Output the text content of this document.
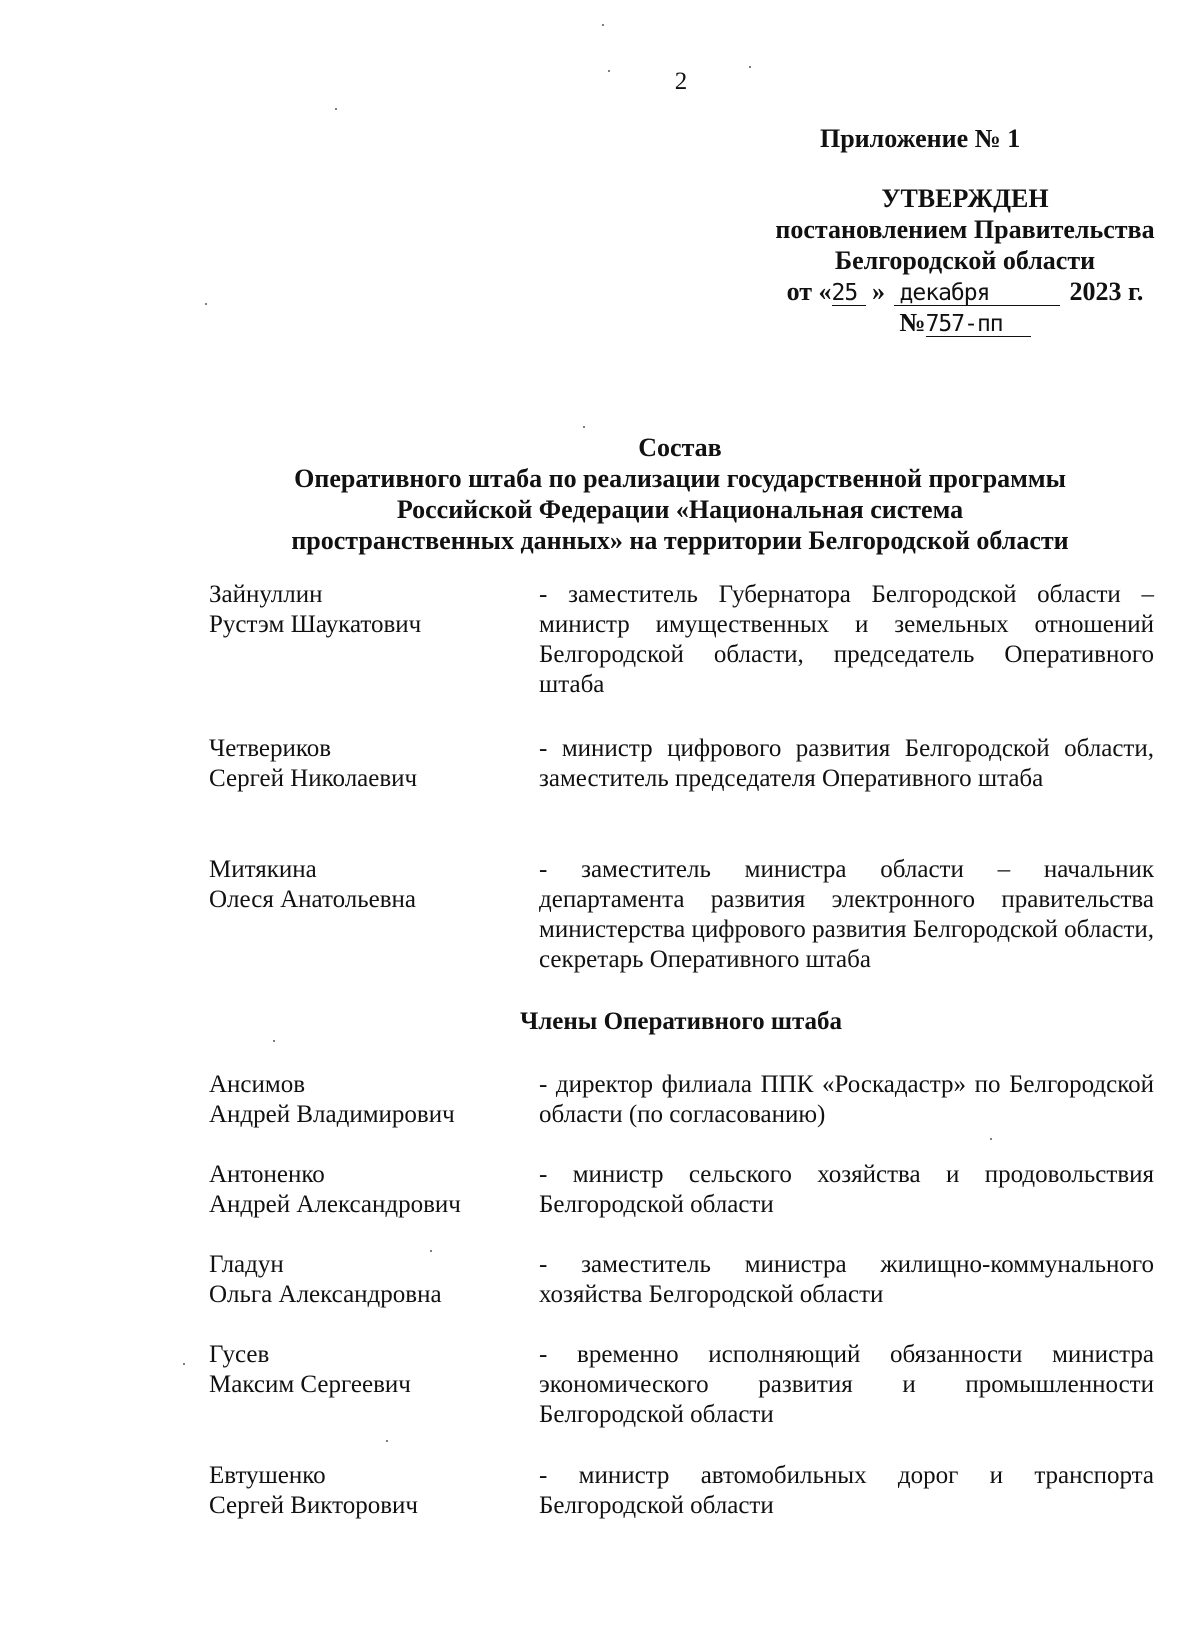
2
Приложение № 1
УТВЕРЖДЕН
постановлением Правительства
Белгородской области
от «25 » декабря	2023 г.
№757-пп
Состав
Оперативного штаба по реализации государственной программы
Российской Федерации «Национальная система
пространственных данных» на территории Белгородской области
Зайнуллин
Рустэм Шаукатович
- заместитель Губернатора Белгородской области – министр имущественных и земельных отношений Белгородской области, председатель Оперативного штаба
Четвериков
Сергей Николаевич
- министр цифрового развития Белгородской области, заместитель председателя Оперативного штаба
Митякина
Олеся Анатольевна
- заместитель министра области – начальник департамента развития электронного правительства министерства цифрового развития Белгородской области, секретарь Оперативного штаба
Члены Оперативного штаба
Ансимов
Андрей Владимирович
- директор филиала ППК «Роскадастр» по Белгородской области (по согласованию)
Антоненко
Андрей Александрович
- министр сельского хозяйства и продовольствия Белгородской области
Гладун
Ольга Александровна
- заместитель министра жилищно-коммунального хозяйства Белгородской области
Гусев
Максим Сергеевич
- временно исполняющий обязанности министра экономического развития и промышленности Белгородской области
Евтушенко
Сергей Викторович
- министр автомобильных дорог и транспорта Белгородской области
